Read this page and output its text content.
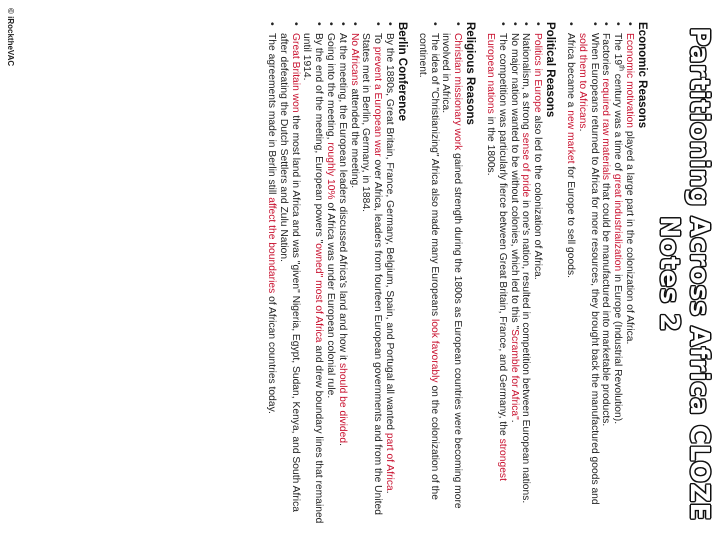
Partitioning Across Africa CLOZE Notes 2
Economic Reasons
• Economic motivation played a large part in the colonization of Africa.
• The 19th century was a time of great industrialization in Europe (Industrial Revolution).
• Factories required raw materials that could be manufactured into marketable products.
• When Europeans returned to Africa for more resources, they brought back the manufactured goods and sold them to Africans.
• Africa became a new market for Europe to sell goods.
Political Reasons
• Politics in Europe also led to the colonization of Africa.
• Nationalism, a strong sense of pride in one's nation, resulted in competition between European nations.
• No major nation wanted to be without colonies, which led to this "Scramble for Africa".
• The competition was particularly fierce between Great Britain, France, and Germany, the strongest European nations in the 1800s.
Religious Reasons
• Christian missionary work gained strength during the 1800s as European countries were becoming more involved in Africa.
• The idea of "Christianizing" Africa also made many Europeans look favorably on the colonization of the continent.
Berlin Conference
• By the 1880s, Great Britain, France, Germany, Belgium, Spain, and Portugal all wanted part of Africa.
• To prevent a European war over Africa, leaders from fourteen European governments and from the United States met in Berlin, Germany, in 1884.
• No Africans attended the meeting.
• At the meeting, the European leaders discussed Africa's land and how it should be divided.
• Going into the meeting, roughly 10% of Africa was under European colonial rule.
• By the end of the meeting, European powers "owned" most of Africa and drew boundary lines that remained until 1914.
• Great Britain won the most land in Africa and was "given" Nigeria, Egypt, Sudan, Kenya, and South Africa after defeating the Dutch Settlers and Zulu Nation.
• The agreements made in Berlin still affect the boundaries of African countries today.
© iRocktheVAC
